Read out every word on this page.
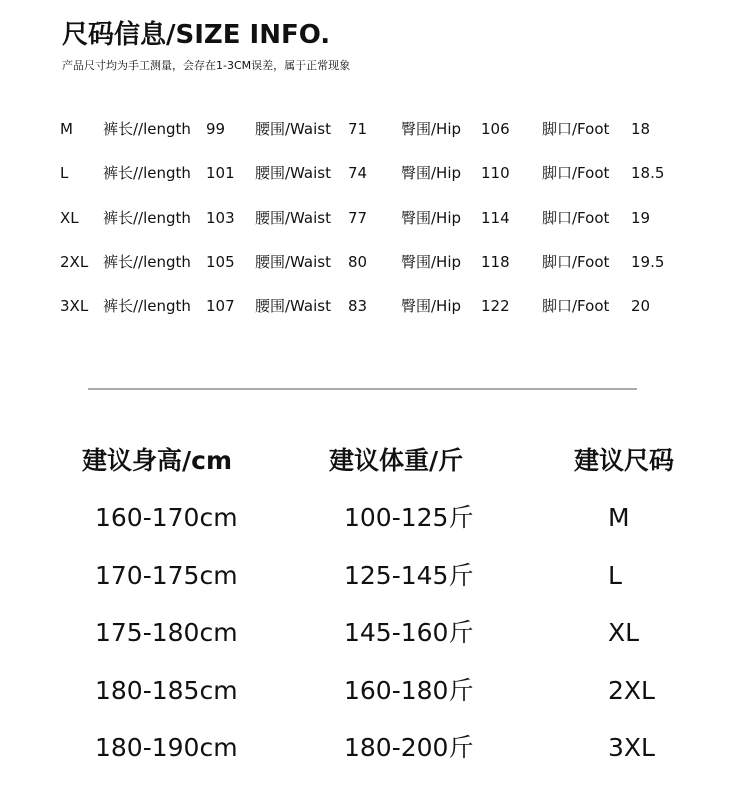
尺码信息/SIZE INFO.
产品尺寸均为手工测量，会存在1-3CM误差，属于正常现象
M 裤长//length 99 腰围/Waist 71 臀围/Hip 106 脚口/Foot 18
L 裤长//length 101 腰围/Waist 74 臀围/Hip 110 脚口/Foot 18.5
XL 裤长//length 103 腰围/Waist 77 臀围/Hip 114 脚口/Foot 19
2XL 裤长//length 105 腰围/Waist 80 臀围/Hip 118 脚口/Foot 19.5
3XL 裤长//length 107 腰围/Waist 83 臀围/Hip 122 脚口/Foot 20
建议身高/cm	建议体重/斤	建议尺码
160-170cm	100-125斤	M
170-175cm	125-145斤	L
175-180cm	145-160斤	XL
180-185cm	160-180斤	2XL
180-190cm	180-200斤	3XL
